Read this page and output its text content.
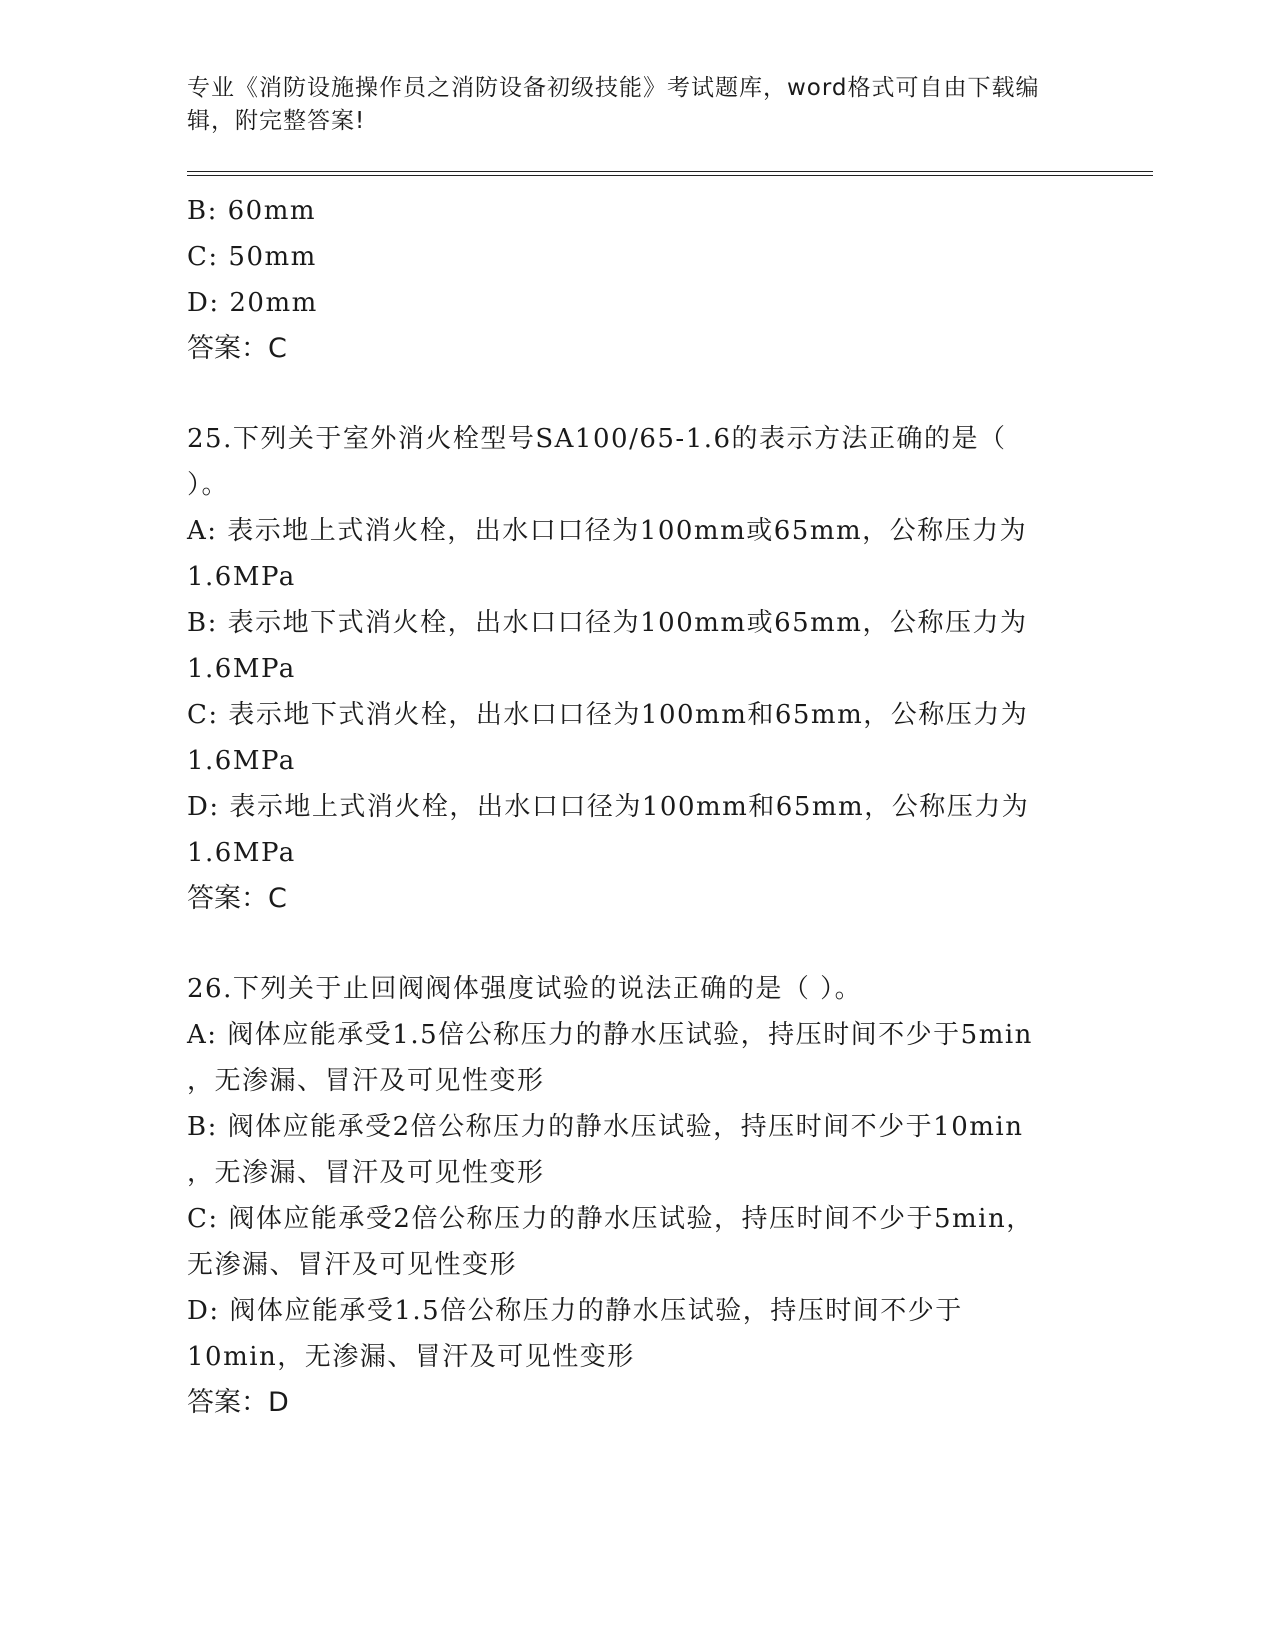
专业《消防设施操作员之消防设备初级技能》考试题库，word格式可自由下载编
辑，附完整答案!
B: 60mm
C: 50mm
D: 20mm
答案：C
25.下列关于室外消火栓型号SA100/65-1.6的表示方法正确的是（
）。
A: 表示地上式消火栓，出水口口径为100mm或65mm，公称压力为
1.6MPa
B: 表示地下式消火栓，出水口口径为100mm或65mm，公称压力为
1.6MPa
C: 表示地下式消火栓，出水口口径为100mm和65mm，公称压力为
1.6MPa
D: 表示地上式消火栓，出水口口径为100mm和65mm，公称压力为
1.6MPa
答案：C
26.下列关于止回阀阀体强度试验的说法正确的是（ ）。
A: 阀体应能承受1.5倍公称压力的静水压试验，持压时间不少于5min
，无渗漏、冒汗及可见性变形
B: 阀体应能承受2倍公称压力的静水压试验，持压时间不少于10min
，无渗漏、冒汗及可见性变形
C: 阀体应能承受2倍公称压力的静水压试验，持压时间不少于5min，
无渗漏、冒汗及可见性变形
D: 阀体应能承受1.5倍公称压力的静水压试验，持压时间不少于
10min，无渗漏、冒汗及可见性变形
答案：D
